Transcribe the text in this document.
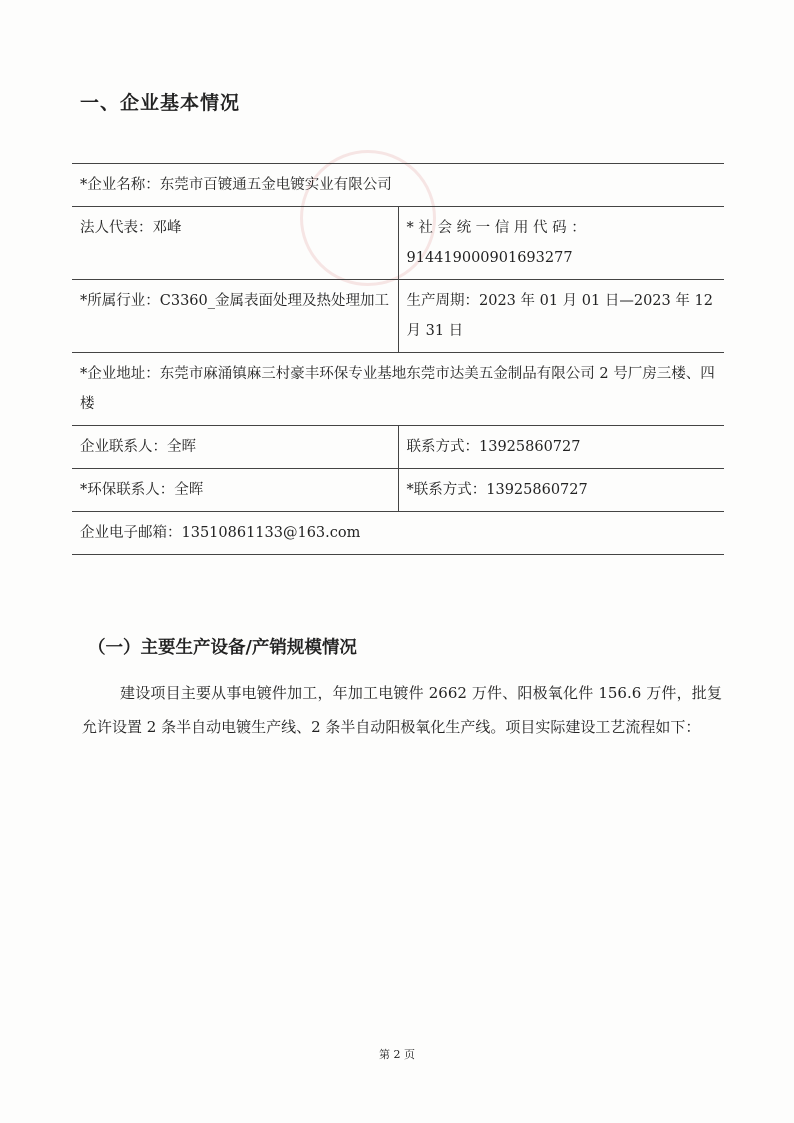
一、企业基本情况
*企业名称：东莞市百镀通五金电镀实业有限公司	
法人代表：邓峰	* 社 会 统 一 信 用 代 码 ：
914419000901693277

*所属行业：C3360_金属表面处理及热处理加工	生产周期：2023 年 01 月 01 日—2023 年 12 月 31 日
*企业地址：东莞市麻涌镇麻三村豪丰环保专业基地东莞市达美五金制品有限公司 2 号厂房三楼、四楼	
企业联系人：全晖	联系方式：13925860727
*环保联系人：全晖	*联系方式：13925860727
企业电子邮箱：13510861133@163.com	
（一）主要生产设备/产销规模情况

建设项目主要从事电镀件加工，年加工电镀件 2662 万件、阳极氧化件 156.6 万件，批复允许设置 2 条半自动电镀生产线、2 条半自动阳极氧化生产线。项目实际建设工艺流程如下：

第 2 页
